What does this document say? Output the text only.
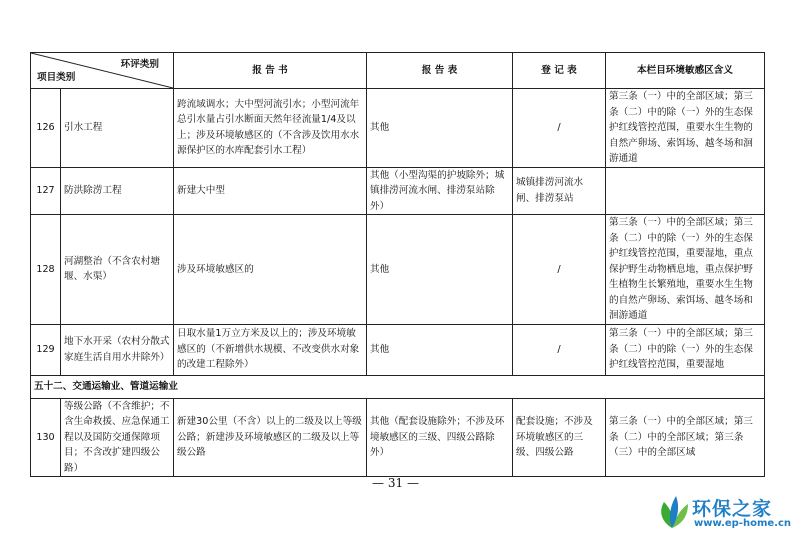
环评类别
项目类别		报 告 书	报 告 表	登 记 表	本栏目环境敏感区含义
126	引水工程	跨流域调水；大中型河流引水；小型河流年总引水量占引水断面天然年径流量1/4及以上；涉及环境敏感区的（不含涉及饮用水水源保护区的水库配套引水工程）	其他	/	第三条（一）中的全部区域；第三条（二）中的除（一）外的生态保护红线管控范围，重要水生生物的自然产卵场、索饵场、越冬场和洄游通道
127	防洪除涝工程	新建大中型	其他（小型沟渠的护坡除外；城镇排涝河流水闸、排涝泵站除外）	城镇排涝河流水闸、排涝泵站	
128	河湖整治（不含农村塘堰、水渠）	涉及环境敏感区的	其他	/	第三条（一）中的全部区域；第三条（二）中的除（一）外的生态保护红线管控范围，重要湿地，重点保护野生动物栖息地，重点保护野生植物生长繁殖地，重要水生生物的自然产卵场、索饵场、越冬场和洄游通道
129	地下水开采（农村分散式家庭生活自用水井除外）	日取水量1万立方米及以上的；涉及环境敏感区的（不新增供水规模、不改变供水对象的改建工程除外）	其他	/	第三条（一）中的全部区域；第三条（二）中的除（一）外的生态保护红线管控范围，重要湿地
五十二、交通运输业、管道运输业					
130	等级公路（不含维护；不含生命救援、应急保通工程以及国防交通保障项目；不含改扩建四级公路）	新建30公里（不含）以上的二级及以上等级公路；新建涉及环境敏感区的二级及以上等级公路	其他（配套设施除外；不涉及环境敏感区的三级、四级公路除外）	配套设施；不涉及环境敏感区的三级、四级公路	第三条（一）中的全部区域；第三条（二）中的全部区域；第三条（三）中的全部区域
— 31 —
环保之家
www.ep-home.cn
